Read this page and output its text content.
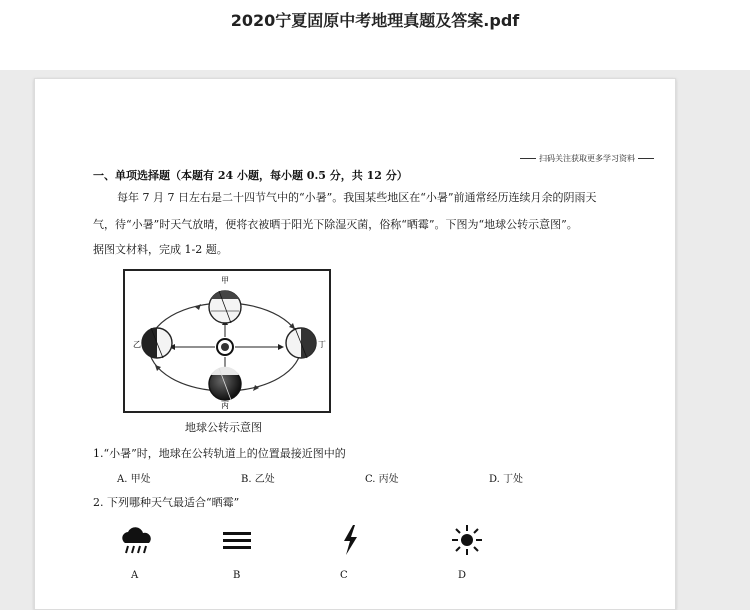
2020宁夏固原中考地理真题及答案.pdf
扫码关注获取更多学习资料
一、单项选择题（本题有 24 小题，每小题 0.5 分，共 12 分）
每年 7 月 7 日左右是二十四节气中的“小暑”。我国某些地区在“小暑”前通常经历连续月余的阴雨天
气，待“小暑”时天气放晴，便将衣被晒于阳光下除湿灭菌，俗称“晒霉”。下图为“地球公转示意图”。
据图文材料，完成 1-2 题。
甲
乙
丙
丁
地球公转示意图
1.“小暑”时，地球在公转轨道上的位置最接近图中的
A. 甲处	B. 乙处	C. 丙处	D. 丁处
2. 下列哪种天气最适合“晒霉”
A	B	C	D
